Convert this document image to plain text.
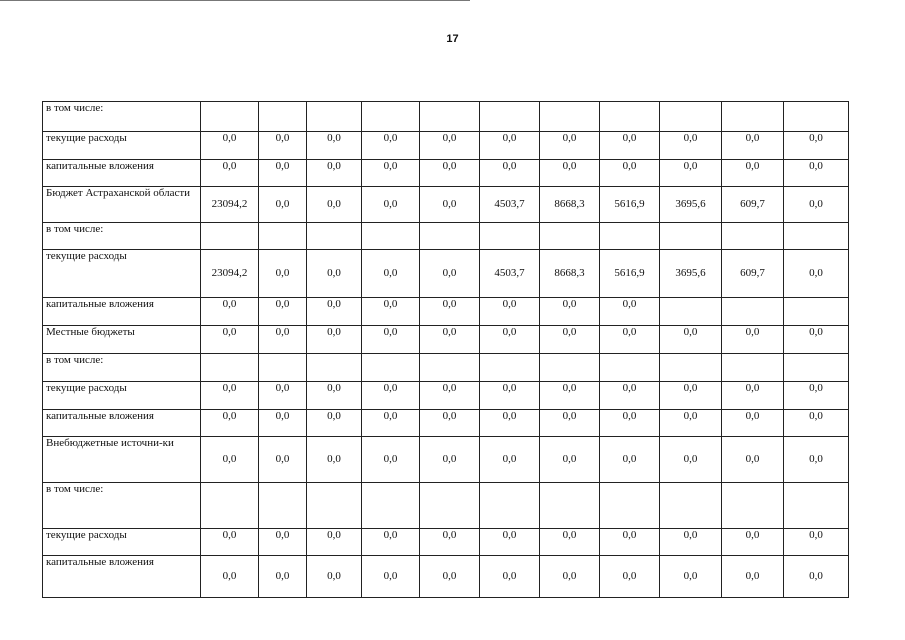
17
в том числе:											
текущие расходы	0,0	0,0	0,0	0,0	0,0	0,0	0,0	0,0	0,0	0,0	0,0
капитальные вложения	0,0	0,0	0,0	0,0	0,0	0,0	0,0	0,0	0,0	0,0	0,0
Бюджет Астраханской области	23094,2	0,0	0,0	0,0	0,0	4503,7	8668,3	5616,9	3695,6	609,7	0,0
в том числе:											
текущие расходы	23094,2	0,0	0,0	0,0	0,0	4503,7	8668,3	5616,9	3695,6	609,7	0,0
капитальные вложения	0,0	0,0	0,0	0,0	0,0	0,0	0,0	0,0			
Местные бюджеты	0,0	0,0	0,0	0,0	0,0	0,0	0,0	0,0	0,0	0,0	0,0
в том числе:											
текущие расходы	0,0	0,0	0,0	0,0	0,0	0,0	0,0	0,0	0,0	0,0	0,0
капитальные вложения	0,0	0,0	0,0	0,0	0,0	0,0	0,0	0,0	0,0	0,0	0,0
Внебюджетные источни-ки	0,0	0,0	0,0	0,0	0,0	0,0	0,0	0,0	0,0	0,0	0,0
в том числе:											
текущие расходы	0,0	0,0	0,0	0,0	0,0	0,0	0,0	0,0	0,0	0,0	0,0
капитальные вложения	0,0	0,0	0,0	0,0	0,0	0,0	0,0	0,0	0,0	0,0	0,0
